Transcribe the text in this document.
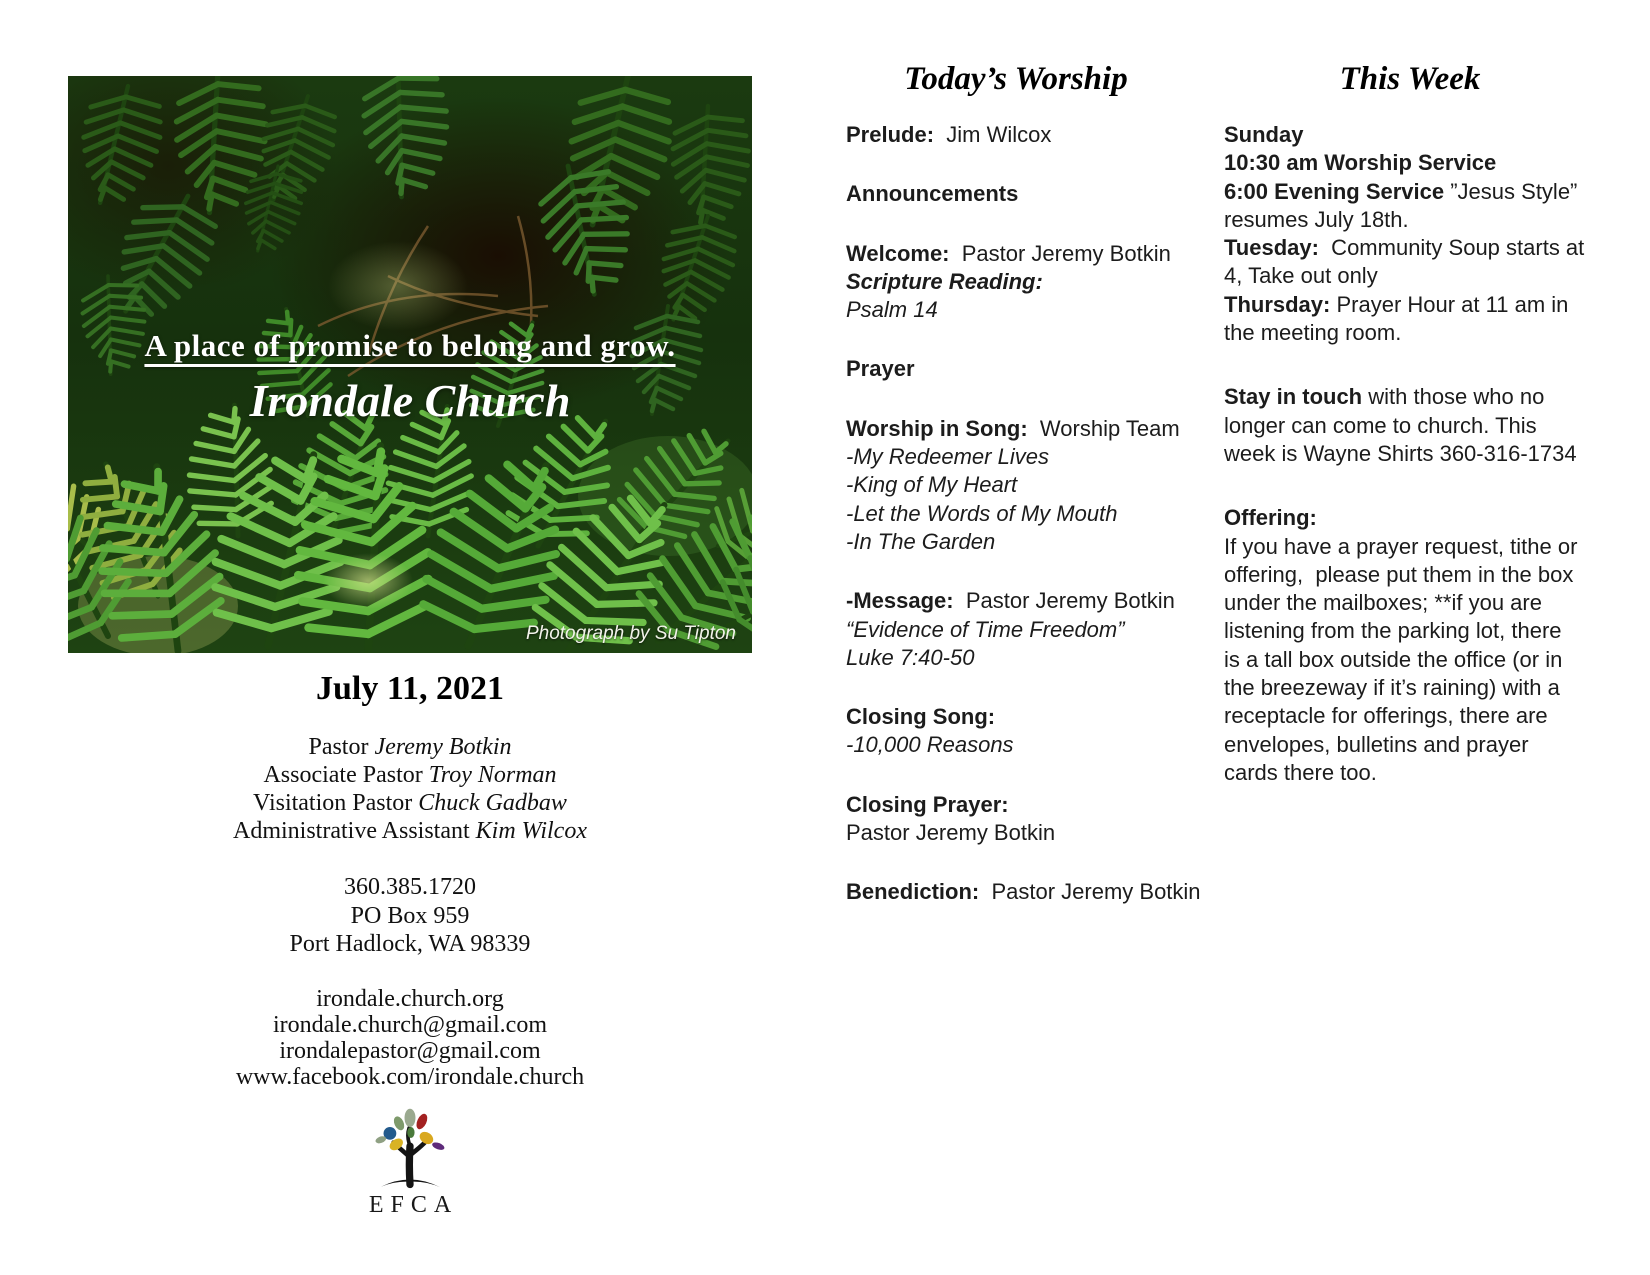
A place of promise to belong and grow.
Irondale Church
Photograph by Su Tipton
July 11, 2021
Pastor Jeremy Botkin
Associate Pastor Troy Norman
Visitation Pastor Chuck Gadbaw
Administrative Assistant Kim Wilcox
360.385.1720
PO Box 959
Port Hadlock, WA 98339
irondale.church.org
irondale.church@gmail.com
irondalepastor@gmail.com
www.facebook.com/irondale.church
EFCA
Today’s Worship
Prelude:  Jim Wilcox
Announcements
Welcome:  Pastor Jeremy Botkin
Scripture Reading:
Psalm 14
Prayer
Worship in Song:  Worship Team
-My Redeemer Lives
-King of My Heart
-Let the Words of My Mouth
-In The Garden
-Message:  Pastor Jeremy Botkin
“Evidence of Time Freedom”
Luke 7:40-50
Closing Song:
-10,000 Reasons
Closing Prayer:
Pastor Jeremy Botkin
Benediction:  Pastor Jeremy Botkin
This Week
Sunday
10:30 am Worship Service
6:00 Evening Service ”Jesus Style”
resumes July 18th.
Tuesday:  Community Soup starts at
4, Take out only
Thursday: Prayer Hour at 11 am in
the meeting room.
Stay in touch with those who no
longer can come to church. This
week is Wayne Shirts 360-316-1734
Offering:
If you have a prayer request, tithe or
offering,  please put them in the box
under the mailboxes; **if you are
listening from the parking lot, there
is a tall box outside the office (or in
the breezeway if it’s raining) with a
receptacle for offerings, there are
envelopes, bulletins and prayer
cards there too.
